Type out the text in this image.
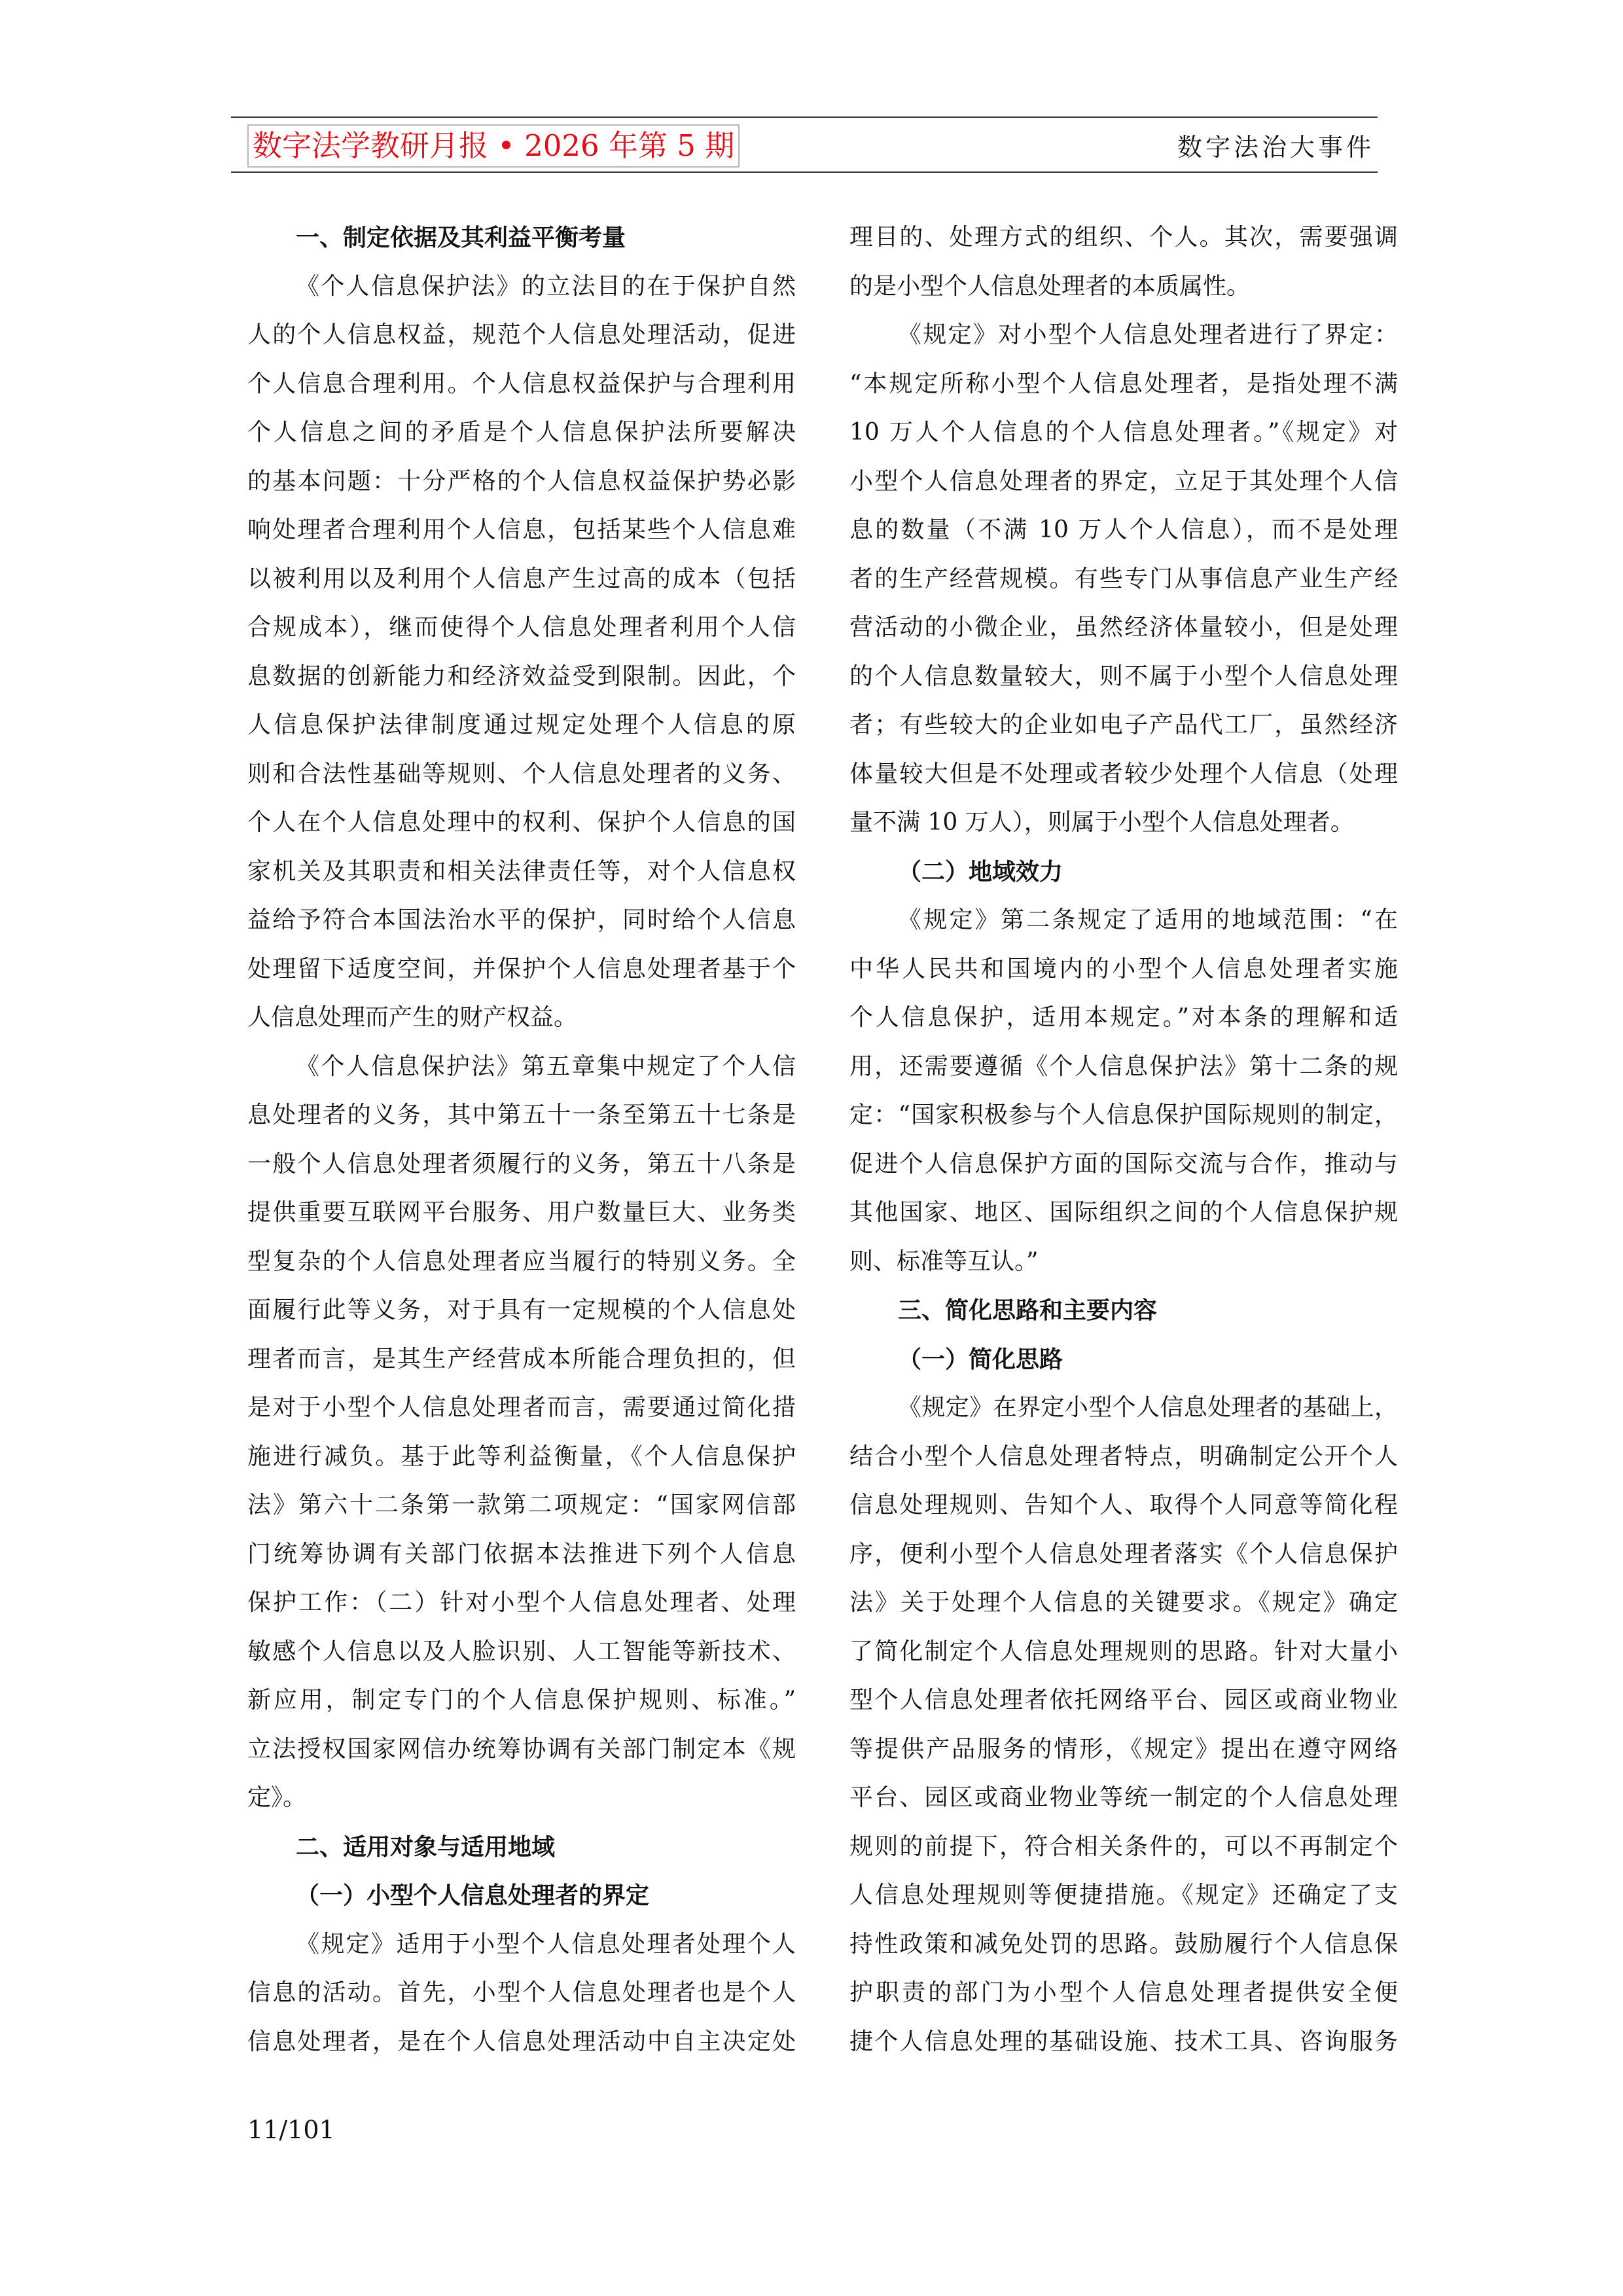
数字法学教研月报 • 2026 年第 5 期	数字法治大事件
一、制定依据及其利益平衡考量
《个人信息保护法》的立法目的在于保护自然
人的个人信息权益，规范个人信息处理活动，促进
个人信息合理利用。个人信息权益保护与合理利用
个人信息之间的矛盾是个人信息保护法所要解决
的基本问题：十分严格的个人信息权益保护势必影
响处理者合理利用个人信息，包括某些个人信息难
以被利用以及利用个人信息产生过高的成本（包括
合规成本），继而使得个人信息处理者利用个人信
息数据的创新能力和经济效益受到限制。因此，个
人信息保护法律制度通过规定处理个人信息的原
则和合法性基础等规则、个人信息处理者的义务、
个人在个人信息处理中的权利、保护个人信息的国
家机关及其职责和相关法律责任等，对个人信息权
益给予符合本国法治水平的保护，同时给个人信息
处理留下适度空间，并保护个人信息处理者基于个
人信息处理而产生的财产权益。
《个人信息保护法》第五章集中规定了个人信
息处理者的义务，其中第五十一条至第五十七条是
一般个人信息处理者须履行的义务，第五十八条是
提供重要互联网平台服务、用户数量巨大、业务类
型复杂的个人信息处理者应当履行的特别义务。全
面履行此等义务，对于具有一定规模的个人信息处
理者而言，是其生产经营成本所能合理负担的，但
是对于小型个人信息处理者而言，需要通过简化措
施进行减负。基于此等利益衡量，《个人信息保护
法》第六十二条第一款第二项规定：“国家网信部
门统筹协调有关部门依据本法推进下列个人信息
保护工作：（二）针对小型个人信息处理者、处理
敏感个人信息以及人脸识别、人工智能等新技术、
新应用，制定专门的个人信息保护规则、标准。”
立法授权国家网信办统筹协调有关部门制定本《规
定》。
二、适用对象与适用地域
（一）小型个人信息处理者的界定
《规定》适用于小型个人信息处理者处理个人
信息的活动。首先，小型个人信息处理者也是个人
信息处理者，是在个人信息处理活动中自主决定处
理目的、处理方式的组织、个人。其次，需要强调
的是小型个人信息处理者的本质属性。
《规定》对小型个人信息处理者进行了界定：
“本规定所称小型个人信息处理者，是指处理不满
10 万人个人信息的个人信息处理者。”《规定》对
小型个人信息处理者的界定，立足于其处理个人信
息的数量（不满 10 万人个人信息），而不是处理
者的生产经营规模。有些专门从事信息产业生产经
营活动的小微企业，虽然经济体量较小，但是处理
的个人信息数量较大，则不属于小型个人信息处理
者；有些较大的企业如电子产品代工厂，虽然经济
体量较大但是不处理或者较少处理个人信息（处理
量不满 10 万人），则属于小型个人信息处理者。
（二）地域效力
《规定》第二条规定了适用的地域范围：“在
中华人民共和国境内的小型个人信息处理者实施
个人信息保护，适用本规定。”对本条的理解和适
用，还需要遵循《个人信息保护法》第十二条的规
定：“国家积极参与个人信息保护国际规则的制定，
促进个人信息保护方面的国际交流与合作，推动与
其他国家、地区、国际组织之间的个人信息保护规
则、标准等互认。”
三、简化思路和主要内容
（一）简化思路
《规定》在界定小型个人信息处理者的基础上，
结合小型个人信息处理者特点，明确制定公开个人
信息处理规则、告知个人、取得个人同意等简化程
序，便利小型个人信息处理者落实《个人信息保护
法》关于处理个人信息的关键要求。《规定》确定
了简化制定个人信息处理规则的思路。针对大量小
型个人信息处理者依托网络平台、园区或商业物业
等提供产品服务的情形，《规定》提出在遵守网络
平台、园区或商业物业等统一制定的个人信息处理
规则的前提下，符合相关条件的，可以不再制定个
人信息处理规则等便捷措施。《规定》还确定了支
持性政策和减免处罚的思路。鼓励履行个人信息保
护职责的部门为小型个人信息处理者提供安全便
捷个人信息处理的基础设施、技术工具、咨询服务
11/101
